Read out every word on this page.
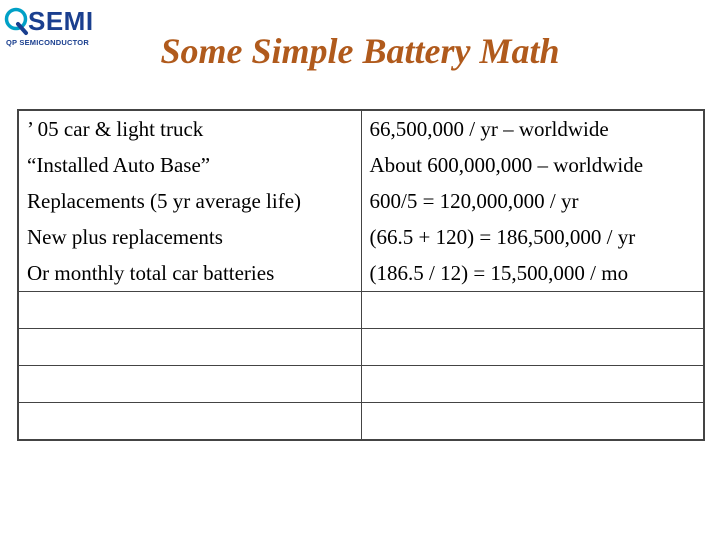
SEMI
QP SEMICONDUCTOR	Some Simple Battery Math
’ 05 car & light truck	66,500,000 / yr – worldwide
“Installed Auto Base”	About 600,000,000 – worldwide
Replacements (5 yr average life)	600/5 = 120,000,000 / yr
New plus replacements	(66.5 + 120) = 186,500,000 / yr
Or monthly total car batteries	(186.5 / 12) = 15,500,000 / mo
